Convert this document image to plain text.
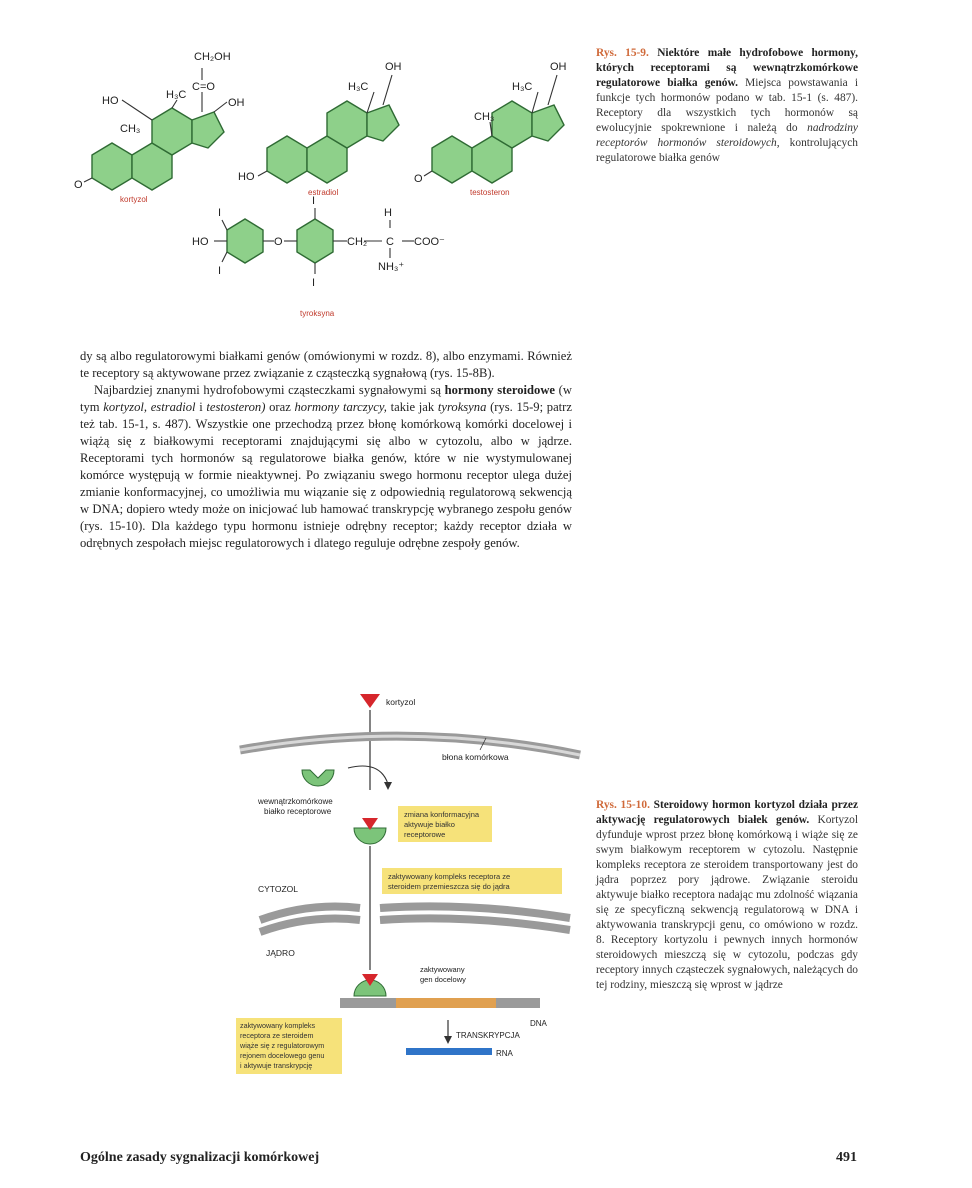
CH₂OH
C=O
OH
H₃C
HO
CH₃
O
H₃C
OH
HO
H₃C
OH
CH₃
O
HO	O	CH₂ C COO⁻
H
NH₃⁺
I
I
I
I
kortyzol
estradiol	testosteron
tyroksyna
Rys. 15-9. Niektóre małe hydrofobowe hormony, których receptorami są wewnątrzkomórkowe regulatorowe białka genów. Miejsca powstawania i funkcje tych hormonów podano w tab. 15-1 (s. 487). Receptory dla wszystkich tych hormonów są ewolucyjnie spokrewnione i należą do nadrodziny receptorów hormonów steroidowych, kontrolujących regulatorowe białka genów

dy są albo regulatorowymi białkami genów (omówionymi w rozdz. 8), albo enzymami. Również te receptory są aktywowane przez związanie z cząsteczką sygnałową (rys. 15-8B).

Najbardziej znanymi hydrofobowymi cząsteczkami sygnałowymi są hormony steroidowe (w tym kortyzol, estradiol i testosteron) oraz hormony tarczycy, takie jak tyroksyna (rys. 15-9; patrz też tab. 15-1, s. 487). Wszystkie one przechodzą przez błonę komórkową komórki docelowej i wiążą się z białkowymi receptorami znajdującymi się albo w cytozolu, albo w jądrze. Receptorami tych hormonów są regulatorowe białka genów, które w nie wystymulowanej komórce występują w formie nieaktywnej. Po związaniu swego hormonu receptor ulega dużej zmianie konformacyjnej, co umożliwia mu wiązanie się z odpowiednią regulatorową sekwencją w DNA; dopiero wtedy może on inicjować lub hamować transkrypcję wybranego zespołu genów (rys. 15-10). Dla każdego typu hormonu istnieje odrębny receptor; każdy receptor działa w odrębnych zespołach miejsc regulatorowych i dlatego reguluje odrębne zespoły genów.

kortyzol
błona komórkowa
wewnątrzkomórkowe
białko receptorowe	zmiana konformacyjna
aktywuje białko
receptorowe
zaktywowany kompleks receptora ze
steroidem przemieszcza się do jądra
CYTOZOL
JĄDRO
zaktywowany
gen docelowy
DNA
TRANSKRYPCJA
RNA
zaktywowany kompleks
receptora ze steroidem
wiąże się z regulatorowym
rejonem docelowego genu
i aktywuje transkrypcję
Rys. 15-10. Steroidowy hormon kortyzol działa przez aktywację regulatorowych białek genów. Kortyzol dyfunduje wprost przez błonę komórkową i wiąże się ze swym białkowym receptorem w cytozolu. Następnie kompleks receptora ze steroidem transportowany jest do jądra poprzez pory jądrowe. Związanie steroidu aktywuje białko receptora nadając mu zdolność wiązania się ze specyficzną sekwencją regulatorową w DNA i aktywowania transkrypcji genu, co omówiono w rozdz. 8. Receptory kortyzolu i pewnych innych hormonów steroidowych mieszczą się w cytozolu, podczas gdy receptory innych cząsteczek sygnałowych, należących do tej rodziny, mieszczą się wprost w jądrze
Ogólne zasady sygnalizacji komórkowej	491
